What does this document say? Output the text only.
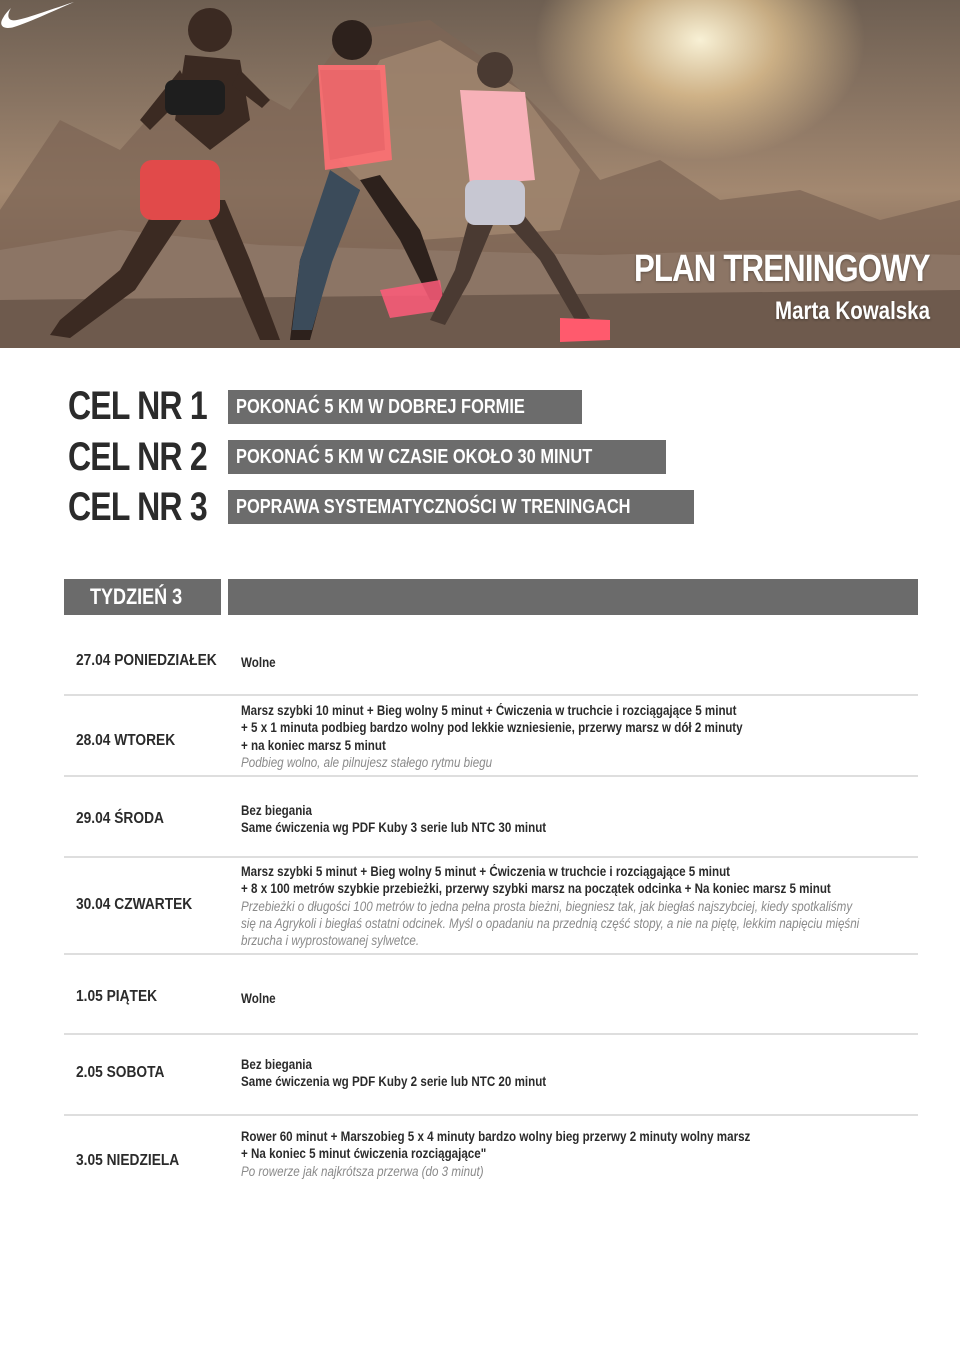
PLAN TRENINGOWY
Marta Kowalska
CEL NR 1	POKONAĆ 5 KM W DOBREJ FORMIE
CEL NR 2	POKONAĆ 5 KM W CZASIE OKOŁO 30 MINUT
CEL NR 3	POPRAWA SYSTEMATYCZNOŚCI W TRENINGACH
TYDZIEŃ 3
27.04 PONIEDZIAŁEK Wolne
28.04 WTOREK
Marsz szybki 10 minut + Bieg wolny 5 minut + Ćwiczenia w truchcie i rozciągające 5 minut
+ 5 x 1 minuta podbieg bardzo wolny pod lekkie wzniesienie, przerwy marsz w dół 2 minuty
+ na koniec marsz 5 minut
Podbieg wolno, ale pilnujesz stałego rytmu biegu
29.04 ŚRODA	Bez biegania
Same ćwiczenia wg PDF Kuby 3 serie lub NTC 30 minut
30.04 CZWARTEK
Marsz szybki 5 minut + Bieg wolny 5 minut + Ćwiczenia w truchcie i rozciągające 5 minut
+ 8 x 100 metrów szybkie przebieżki, przerwy szybki marsz na początek odcinka + Na koniec marsz 5 minut
Przebieżki o długości 100 metrów to jedna pełna prosta bieżni, biegniesz tak, jak biegłaś najszybciej, kiedy spotkaliśmy
się na Agrykoli i biegłaś ostatni odcinek. Myśl o opadaniu na przednią część stopy, a nie na piętę, lekkim napięciu mięśni
brzucha i wyprostowanej sylwetce.
1.05 PIĄTEK	Wolne
2.05 SOBOTA	Bez biegania
Same ćwiczenia wg PDF Kuby 2 serie lub NTC 20 minut
3.05 NIEDZIELA
Rower 60 minut + Marszobieg 5 x 4 minuty bardzo wolny bieg przerwy 2 minuty wolny marsz
+ Na koniec 5 minut ćwiczenia rozciągające"
Po rowerze jak najkrótsza przerwa (do 3 minut)
